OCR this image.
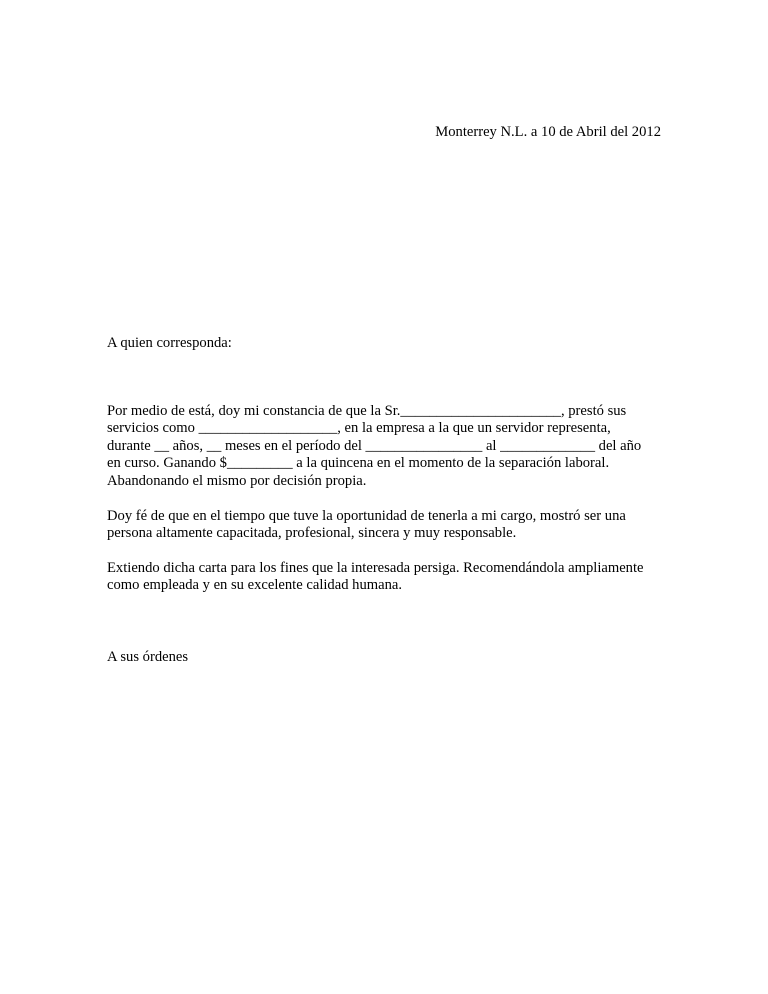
Monterrey N.L. a 10 de Abril del 2012
A quien corresponda:
Por medio de está, doy mi constancia de que la Sr.______________________, prestó sus
servicios como ___________________, en la empresa a la que un servidor representa,
durante __ años, __ meses en el período del ________________ al _____________ del año
en curso. Ganando $_________ a la quincena en el momento de la separación laboral.
Abandonando el mismo por decisión propia.
Doy fé de que en el tiempo que tuve la oportunidad de tenerla a mi cargo, mostró ser una
persona altamente capacitada, profesional, sincera y muy responsable.
Extiendo dicha carta para los fines que la interesada persiga. Recomendándola ampliamente
como empleada y en su excelente calidad humana.
A sus órdenes
